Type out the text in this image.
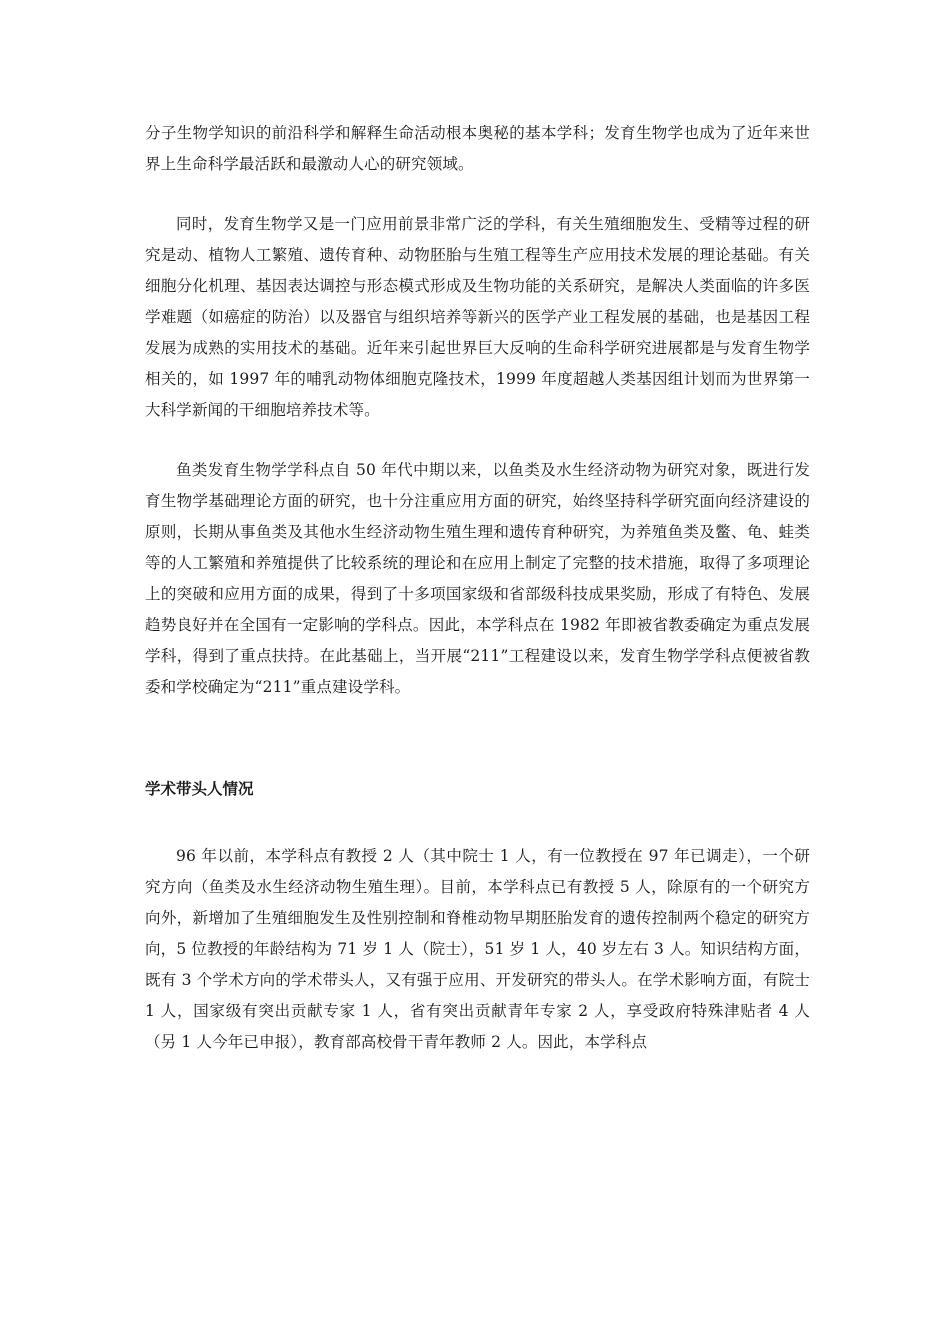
分子生物学知识的前沿科学和解释生命活动根本奥秘的基本学科；发育生物学也成为了近年来世界上生命科学最活跃和最激动人心的研究领域。

同时，发育生物学又是一门应用前景非常广泛的学科，有关生殖细胞发生、受精等过程的研究是动、植物人工繁殖、遗传育种、动物胚胎与生殖工程等生产应用技术发展的理论基础。有关细胞分化机理、基因表达调控与形态模式形成及生物功能的关系研究，是解决人类面临的许多医学难题（如癌症的防治）以及器官与组织培养等新兴的医学产业工程发展的基础，也是基因工程发展为成熟的实用技术的基础。近年来引起世界巨大反响的生命科学研究进展都是与发育生物学相关的，如 1997 年的哺乳动物体细胞克隆技术，1999 年度超越人类基因组计划而为世界第一大科学新闻的干细胞培养技术等。

鱼类发育生物学学科点自 50 年代中期以来，以鱼类及水生经济动物为研究对象，既进行发育生物学基础理论方面的研究，也十分注重应用方面的研究，始终坚持科学研究面向经济建设的原则，长期从事鱼类及其他水生经济动物生殖生理和遗传育种研究，为养殖鱼类及鳖、龟、蛙类等的人工繁殖和养殖提供了比较系统的理论和在应用上制定了完整的技术措施，取得了多项理论上的突破和应用方面的成果，得到了十多项国家级和省部级科技成果奖励，形成了有特色、发展趋势良好并在全国有一定影响的学科点。因此，本学科点在 1982 年即被省教委确定为重点发展学科，得到了重点扶持。在此基础上，当开展“211”工程建设以来，发育生物学学科点便被省教委和学校确定为“211”重点建设学科。

学术带头人情况

96 年以前，本学科点有教授 2 人（其中院士 1 人，有一位教授在 97 年已调走），一个研究方向（鱼类及水生经济动物生殖生理）。目前，本学科点已有教授 5 人，除原有的一个研究方向外，新增加了生殖细胞发生及性别控制和脊椎动物早期胚胎发育的遗传控制两个稳定的研究方向，5 位教授的年龄结构为 71 岁 1 人（院士），51 岁 1 人，40 岁左右 3 人。知识结构方面，既有 3 个学术方向的学术带头人，又有强于应用、开发研究的带头人。在学术影响方面，有院士 1 人，国家级有突出贡献专家 1 人，省有突出贡献青年专家 2 人，享受政府特殊津贴者 4 人（另 1 人今年已申报），教育部高校骨干青年教师 2 人。因此，本学科点
